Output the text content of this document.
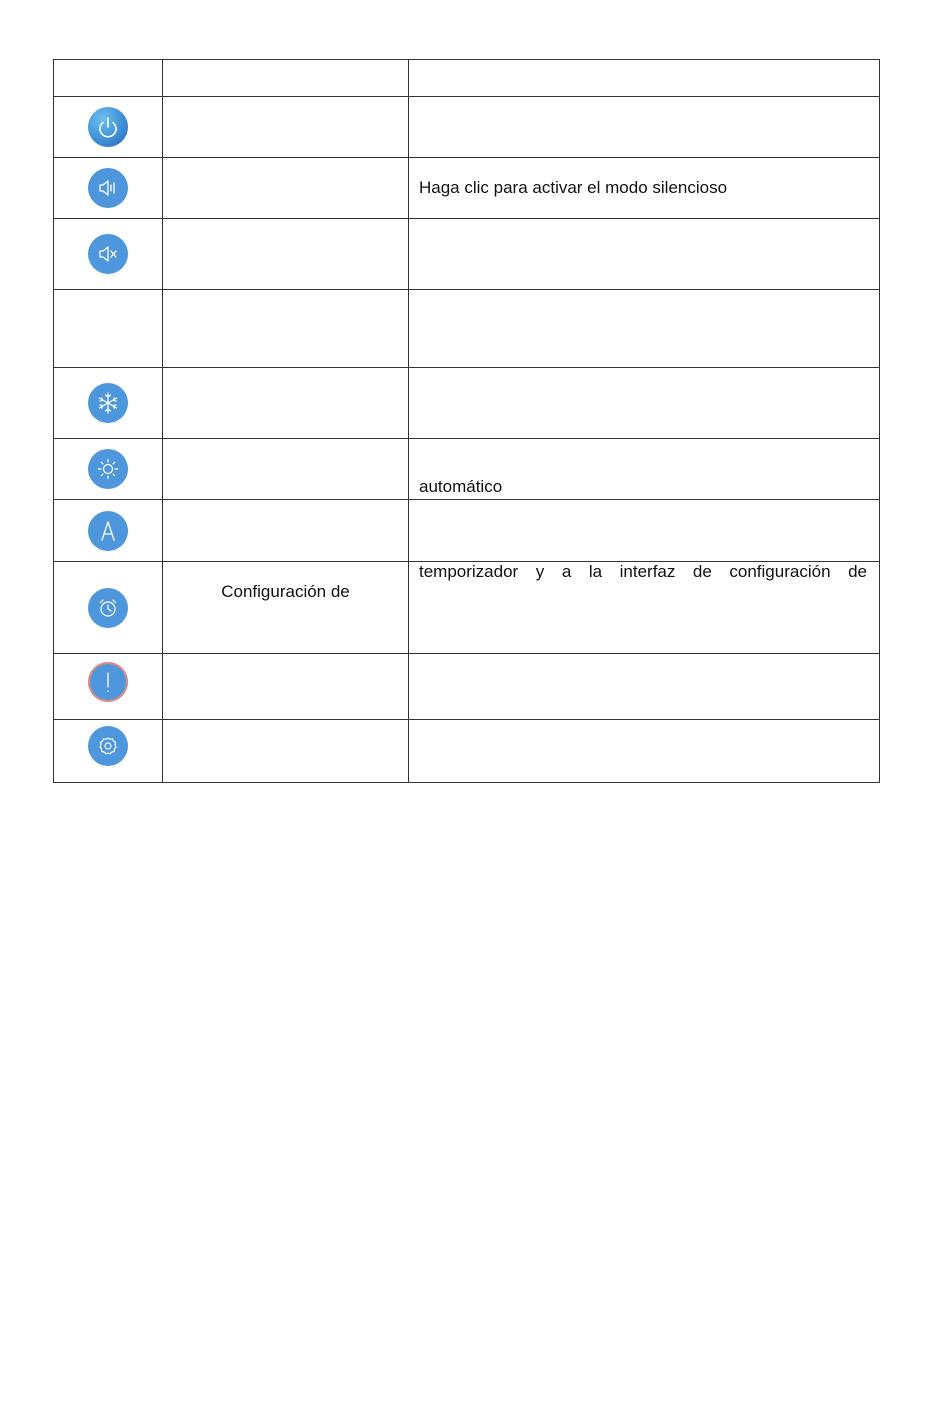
		Haga clic para activar el modo silencioso

		automático

	Configuración de	temporizador y a la interfaz de configuración de
